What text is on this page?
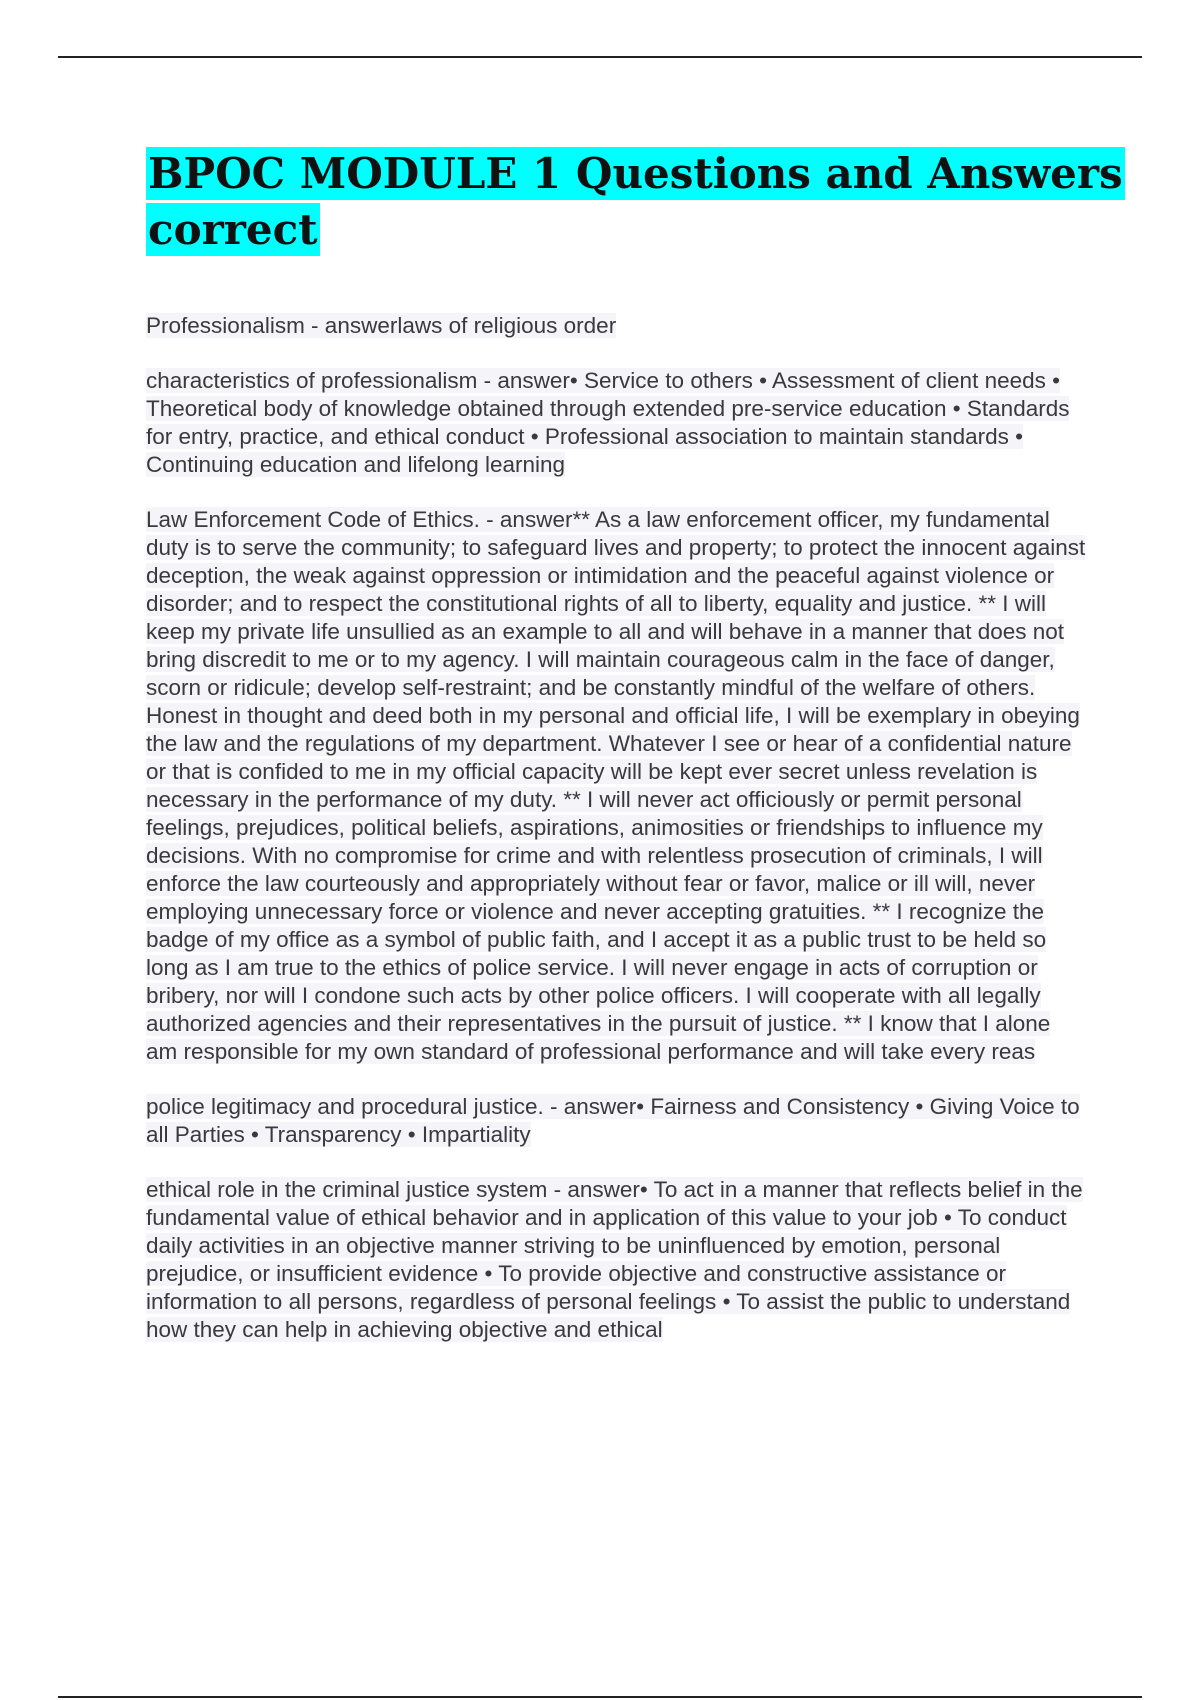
BPOC MODULE 1 Questions and Answers correct

Professionalism - answerlaws of religious order

characteristics of professionalism - answer• Service to others • Assessment of client needs • Theoretical body of knowledge obtained through extended pre-service education • Standards for entry, practice, and ethical conduct • Professional association to maintain standards • Continuing education and lifelong learning

Law Enforcement Code of Ethics. - answer** As a law enforcement officer, my fundamental duty is to serve the community; to safeguard lives and property; to protect the innocent against deception, the weak against oppression or intimidation and the peaceful against violence or disorder; and to respect the constitutional rights of all to liberty, equality and justice. ** I will keep my private life unsullied as an example to all and will behave in a manner that does not bring discredit to me or to my agency. I will maintain courageous calm in the face of danger, scorn or ridicule; develop self-restraint; and be constantly mindful of the welfare of others. Honest in thought and deed both in my personal and official life, I will be exemplary in obeying the law and the regulations of my department. Whatever I see or hear of a confidential nature or that is confided to me in my official capacity will be kept ever secret unless revelation is necessary in the performance of my duty. ** I will never act officiously or permit personal feelings, prejudices, political beliefs, aspirations, animosities or friendships to influence my decisions. With no compromise for crime and with relentless prosecution of criminals, I will enforce the law courteously and appropriately without fear or favor, malice or ill will, never employing unnecessary force or violence and never accepting gratuities. ** I recognize the badge of my office as a symbol of public faith, and I accept it as a public trust to be held so long as I am true to the ethics of police service. I will never engage in acts of corruption or bribery, nor will I condone such acts by other police officers. I will cooperate with all legally authorized agencies and their representatives in the pursuit of justice. ** I know that I alone am responsible for my own standard of professional performance and will take every reas

police legitimacy and procedural justice. - answer• Fairness and Consistency • Giving Voice to all Parties • Transparency • Impartiality

ethical role in the criminal justice system - answer• To act in a manner that reflects belief in the fundamental value of ethical behavior and in application of this value to your job • To conduct daily activities in an objective manner striving to be uninfluenced by emotion, personal prejudice, or insufficient evidence • To provide objective and constructive assistance or information to all persons, regardless of personal feelings • To assist the public to understand how they can help in achieving objective and ethical
